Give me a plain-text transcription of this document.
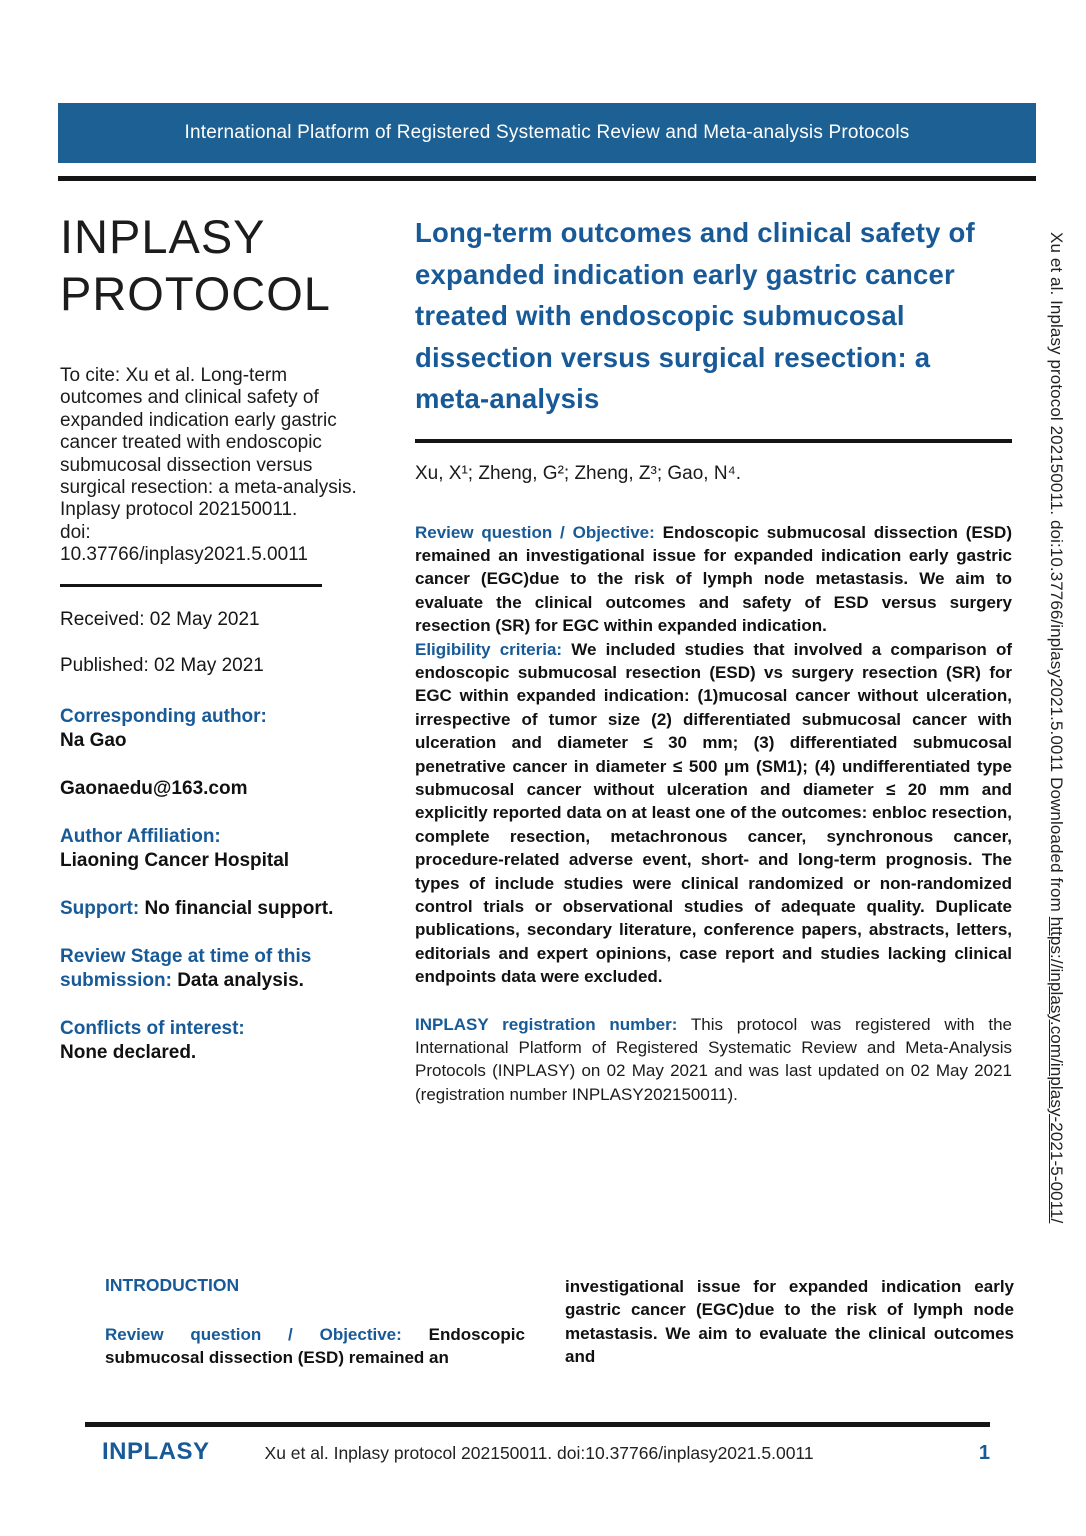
International Platform of Registered Systematic Review and Meta-analysis Protocols
INPLASY
PROTOCOL
To cite: Xu et al. Long-term outcomes and clinical safety of expanded indication early gastric cancer treated with endoscopic submucosal dissection versus surgical resection: a meta-analysis. Inplasy protocol 202150011.
doi:
10.37766/inplasy2021.5.0011
Received: 02 May 2021
Published: 02 May 2021
Corresponding author:
Na Gao
Gaonaedu@163.com
Author Affiliation:
Liaoning Cancer Hospital
Support: No financial support.
Review Stage at time of this submission: Data analysis.
Conflicts of interest:
None declared.
Long-term outcomes and clinical safety of expanded indication early gastric cancer treated with endoscopic submucosal dissection versus surgical resection: a meta-analysis
Xu, X¹; Zheng, G²; Zheng, Z³; Gao, N⁴.

Review question / Objective: Endoscopic submucosal dissection (ESD) remained an investigational issue for expanded indication early gastric cancer (EGC)due to the risk of lymph node metastasis. We aim to evaluate the clinical outcomes and safety of ESD versus surgery resection (SR) for EGC within expanded indication.

Eligibility criteria: We included studies that involved a comparison of endoscopic submucosal resection (ESD) vs surgery resection (SR) for EGC within expanded indication: (1)mucosal cancer without ulceration, irrespective of tumor size (2) differentiated submucosal cancer with ulceration and diameter ≤ 30 mm; (3) differentiated submucosal penetrative cancer in diameter ≤ 500 μm (SM1); (4) undifferentiated type submucosal cancer without ulceration and diameter ≤ 20 mm and explicitly reported data on at least one of the outcomes: enbloc resection, complete resection, metachronous cancer, synchronous cancer, procedure-related adverse event, short- and long-term prognosis. The types of include studies were clinical randomized or non-randomized control trials or observational studies of adequate quality. Duplicate publications, secondary literature, conference papers, abstracts, letters, editorials and expert opinions, case report and studies lacking clinical endpoints data were excluded.

INPLASY registration number: This protocol was registered with the International Platform of Registered Systematic Review and Meta-Analysis Protocols (INPLASY) on 02 May 2021 and was last updated on 02 May 2021 (registration number INPLASY202150011).

INTRODUCTION

Review question / Objective: Endoscopic submucosal dissection (ESD) remained an

investigational issue for expanded indication early gastric cancer (EGC)due to the risk of lymph node metastasis. We aim to evaluate the clinical outcomes and
INPLASY	Xu et al. Inplasy protocol 202150011. doi:10.37766/inplasy2021.5.0011	1
Xu et al. Inplasy protocol 202150011. doi:10.37766/inplasy2021.5.0011 Downloaded from https://inplasy.com/inplasy-2021-5-0011/
